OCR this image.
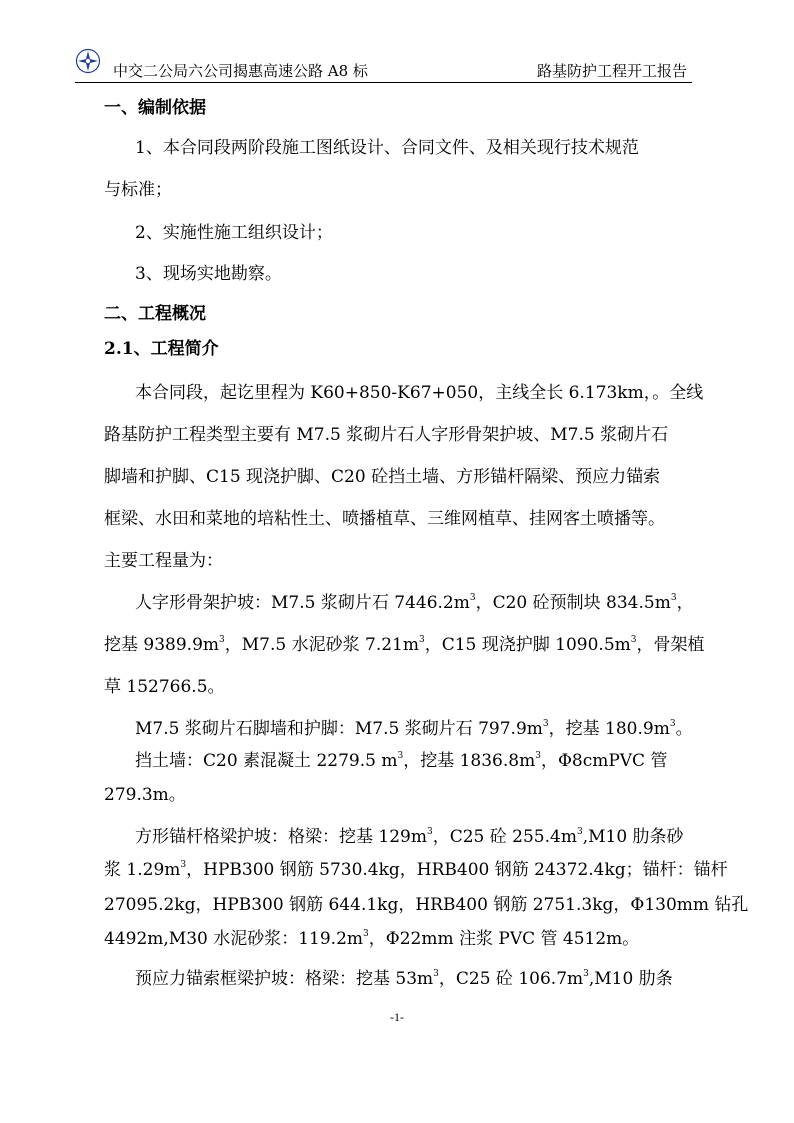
中交二公局六公司揭惠高速公路 A8 标	路基防护工程开工报告
一、编制依据
1、本合同段两阶段施工图纸设计、合同文件、及相关现行技术规范
与标准；
2、实施性施工组织设计；
3、现场实地勘察。
二、工程概况
2.1、工程简介
本合同段，起讫里程为 K60+850-K67+050，主线全长 6.173km，。全线
路基防护工程类型主要有 M7.5 浆砌片石人字形骨架护坡、M7.5 浆砌片石
脚墙和护脚、C15 现浇护脚、C20 砼挡土墙、方形锚杆隔梁、预应力锚索
框梁、水田和菜地的培粘性土、喷播植草、三维网植草、挂网客土喷播等。
主要工程量为：
人字形骨架护坡：M7.5 浆砌片石 $7446.2m^3$，C20 砼预制块 $834.5m^3$，
挖基 $9389.9m^3$，M7.5 水泥砂浆 $7.21m^3$，C15 现浇护脚 $1090.5m^3$，骨架植
草 152766.5。
M7.5 浆砌片石脚墙和护脚：M7.5 浆砌片石 $797.9m^3$，挖基 $180.9m^3$。
挡土墙：C20 素混凝土 2279.5 $m^3$，挖基 $1836.8m^3$，Φ8cmPVC 管
279.3m。
方形锚杆格梁护坡：格梁：挖基 $129m^3$，C25 砼 $255.4m^3,M10$ 肋条砂
浆 $1.29m^3$，HPB300 钢筋 5730.4kg，HRB400 钢筋 24372.4kg；锚杆：锚杆
27095.2kg，HPB300 钢筋 644.1kg，HRB400 钢筋 2751.3kg，Φ130mm 钻孔
4492m,M30 水泥砂浆：$119.2m^3$，Φ22mm 注浆 PVC 管 4512m。
预应力锚索框梁护坡：格梁：挖基 $53m^3$，C25 砼 $106.7m^3,M10$ 肋条
-1-
